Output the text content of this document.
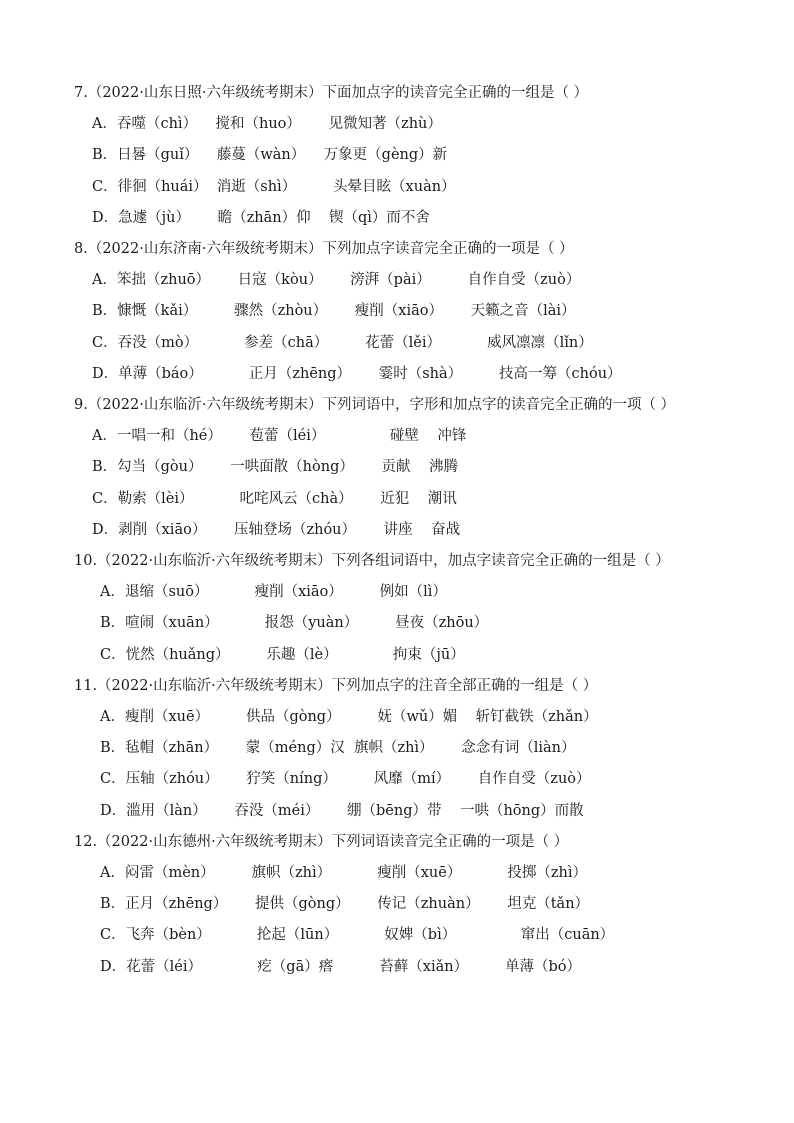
7.（2022·山东日照·六年级统考期末）下面加点字的读音完全正确的一组是（ ）
A．吞噬（chì）    搅和（huo）      见微知著（zhù）
B．日晷（guǐ）    藤蔓（wàn）    万象更（gèng）新
C．徘徊（huái）  消逝（shì）        头晕目眩（xuàn）
D．急遽（jù）      瞻（zhān）仰    锲（qì）而不舍
8.（2022·山东济南·六年级统考期末）下列加点字读音完全正确的一项是（ ）
A．笨拙（zhuō）      日寇（kòu）      滂湃（pài）        自作自受（zuò）
B．慷慨（kǎi）        骤然（zhòu）      瘦削（xiāo）      天籁之音（lài）
C．吞没（mò）          参差（chā）        花蕾（lěi）          威风凛凛（lǐn）
D．单薄（báo）          正月（zhēng）      霎时（shà）        技高一筹（chóu）
9.（2022·山东临沂·六年级统考期末）下列词语中，字形和加点字的读音完全正确的一项（ ）
A．一唱一和（hé）      苞蕾（léi）              碰壁    冲锋
B．勾当（gòu）      一哄面散（hòng）      贡献    沸腾
C．勒索（lèi）          叱咤风云（chà）      近犯    潮讯
D．剥削（xiāo）      压轴登场（zhóu）      讲座    奋战
10.（2022·山东临沂·六年级统考期末）下列各组词语中，加点字读音完全正确的一组是（ ）
A．退缩（suō）          瘦削（xiāo）        例如（lì）
B．喧闹（xuān）          报怨（yuàn）        昼夜（zhōu）
C．恍然（huǎng）        乐趣（lè）            拘束（jū）
11.（2022·山东临沂·六年级统考期末）下列加点字的注音全部正确的一组是（ ）
A．瘦削（xuē）        供品（gòng）        妩（wǔ）媚    斩钉截铁（zhǎn）
B．毡帽（zhān）      蒙（méng）汉  旗帜（zhì）      念念有词（liàn）
C．压轴（zhóu）      狞笑（níng）        风靡（mí）      自作自受（zuò）
D．滥用（làn）      吞没（méi）      绷（bēng）带    一哄（hōng）而散
12.（2022·山东德州·六年级统考期末）下列词语读音完全正确的一项是（ ）
A．闷雷（mèn）        旗帜（zhì）          瘦削（xuē）          投掷（zhì）
B．正月（zhēng）      提供（gòng）      传记（zhuàn）      坦克（tǎn）
C．飞奔（bèn）          抡起（lūn）          奴婢（bì）              窜出（cuān）
D．花蕾（léi）            疙（gā）瘩          苔藓（xiǎn）        单薄（bó）
